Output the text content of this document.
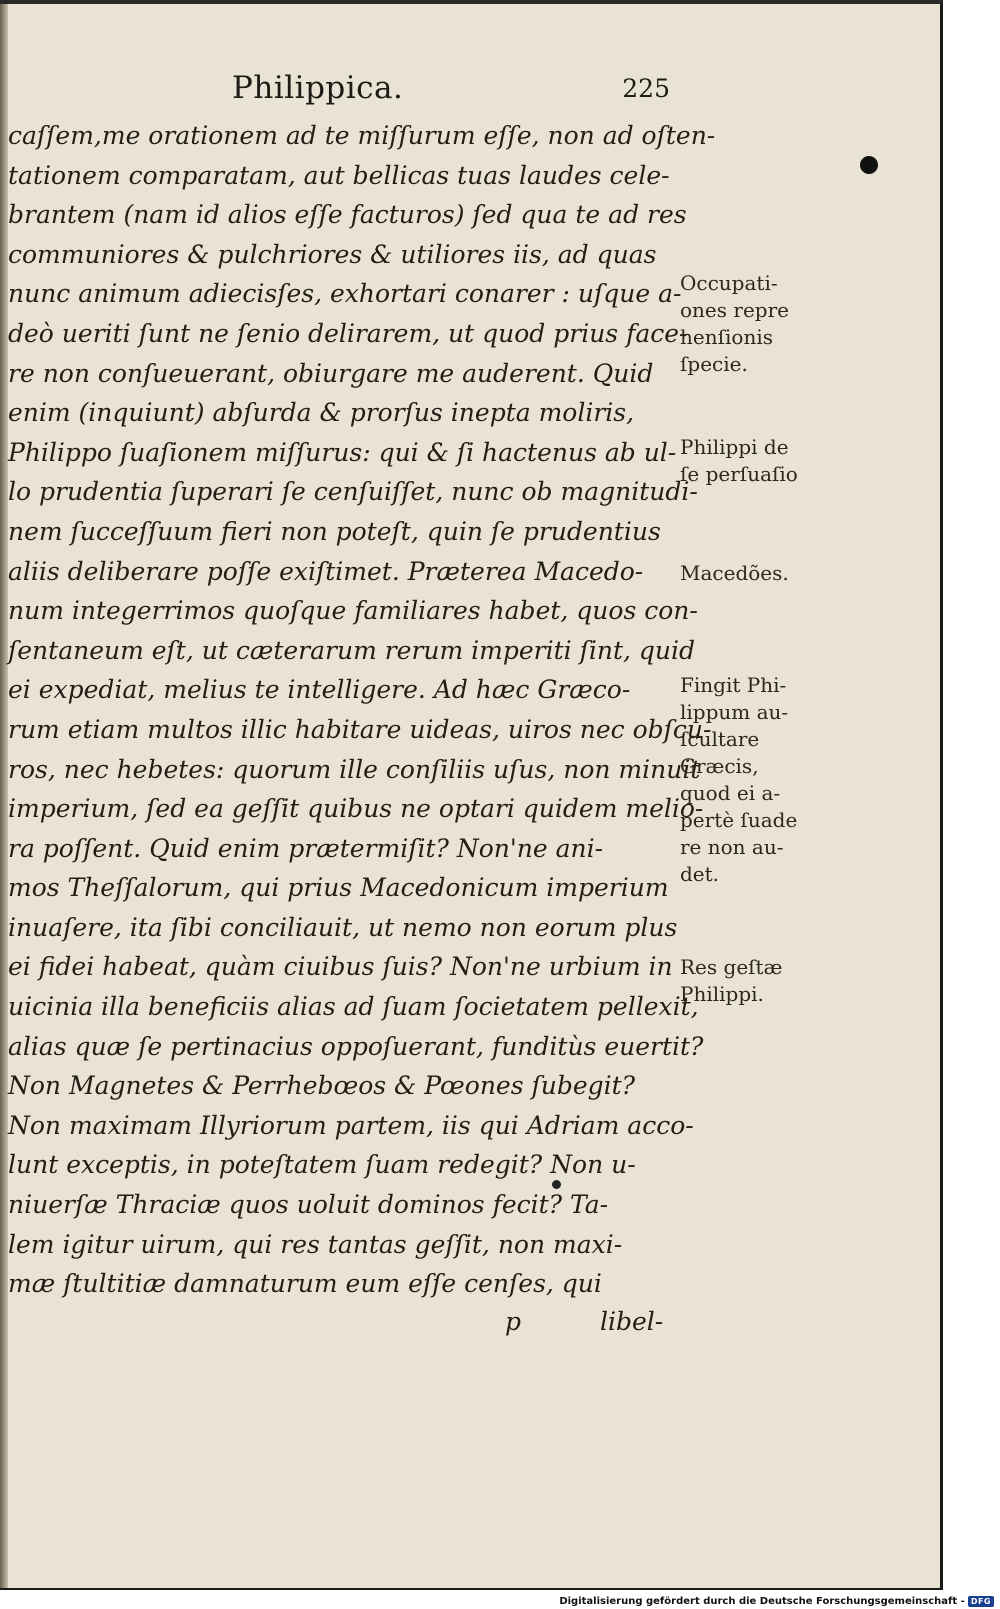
Philippica.	225
caſſem,me orationem ad te miſſurum eſſe, non ad oſten-
tationem comparatam, aut bellicas tuas laudes cele-
brantem (nam id alios eſſe facturos) ſed qua te ad res
communiores & pulchriores & utiliores iis, ad quas
nunc animum adiecisſes, exhortari conarer : uſque a-
deò ueriti ſunt ne ſenio delirarem, ut quod prius face-
re non conſueuerant, obiurgare me auderent. Quid
enim (inquiunt) abſurda & prorſus inepta moliris,
Philippo ſuaſionem miſſurus: qui & ſi hactenus ab ul-
lo prudentia ſuperari ſe cenſuiſſet, nunc ob magnitudi-
nem ſucceſſuum fieri non poteſt, quin ſe prudentius
aliis deliberare poſſe exiſtimet. Præterea Macedo-
num integerrimos quoſque familiares habet, quos con-
ſentaneum eſt, ut cæterarum rerum imperiti ſint, quid
ei expediat, melius te intelligere. Ad hæc Græco-
rum etiam multos illic habitare uideas, uiros nec obſcu-
ros, nec hebetes: quorum ille conſiliis uſus, non minuit
imperium, ſed ea geſſit quibus ne optari quidem melio-
ra poſſent. Quid enim prætermiſit? Non'ne ani-
mos Theſſalorum, qui prius Macedonicum imperium
inuaſere, ita ſibi conciliauit, ut nemo non eorum plus
ei fidei habeat, quàm ciuibus ſuis? Non'ne urbium in
uicinia illa beneficiis alias ad ſuam ſocietatem pellexit,
alias quæ ſe pertinacius oppoſuerant, funditùs euertit?
Non Magnetes & Perrhebœos & Pœones ſubegit?
Non maximam Illyriorum partem, iis qui Adriam acco-
lunt exceptis, in poteſtatem ſuam redegit? Non u-
niuerſæ Thraciæ quos uoluit dominos fecit? Ta-
lem igitur uirum, qui res tantas geſſit, non maxi-
mæ ſtultitiæ damnaturum eum eſſe cenſes, qui
p	libel-
Occupati-
ones repre
henſionis
ſpecie.
Philippi de
ſe perſuaſio
Macedões.
Fingit Phi-
lippum au-
ſcultare
Græcis,
quod ei a-
pertè ſuade
re non au-
det.
Res geſtæ
Philippi.
Digitalisierung gefördert durch die Deutsche Forschungsgemeinschaft - DFG
